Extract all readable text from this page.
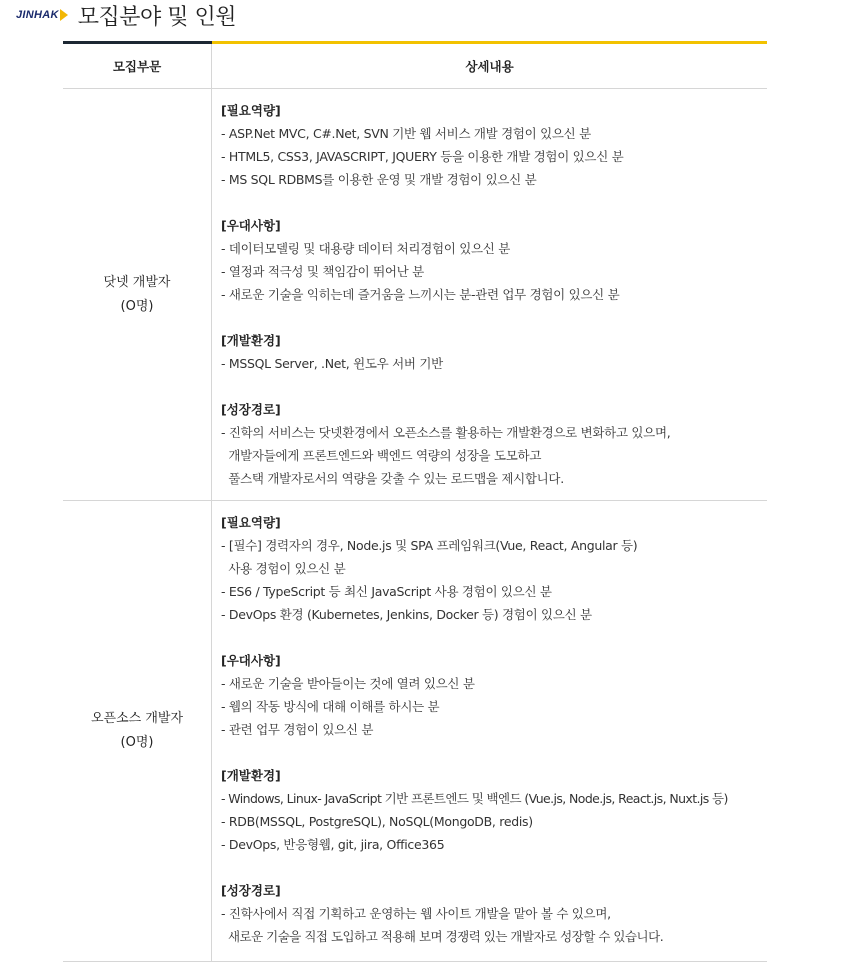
JINHAK 모집분야 및 인원
모집부문	상세내용
닷넷 개발자
(O명)
[필요역량]
- ASP.Net MVC, C#.Net, SVN 기반 웹 서비스 개발 경험이 있으신 분
- HTML5, CSS3, JAVASCRIPT, JQUERY 등을 이용한 개발 경험이 있으신 분
- MS SQL RDBMS를 이용한 운영 및 개발 경험이 있으신 분
[우대사항]
- 데이터모델링 및 대용량 데이터 처리경험이 있으신 분
- 열정과 적극성 및 책임감이 뛰어난 분
- 새로운 기술을 익히는데 즐거움을 느끼시는 분-관련 업무 경험이 있으신 분
[개발환경]
- MSSQL Server, .Net, 윈도우 서버 기반
[성장경로]
- 진학의 서비스는 닷넷환경에서 오픈소스를 활용하는 개발환경으로 변화하고 있으며,
개발자들에게 프론트엔드와 백엔드 역량의 성장을 도모하고
풀스택 개발자로서의 역량을 갖출 수 있는 로드맵을 제시합니다.
오픈소스 개발자
(O명)
[필요역량]
- [필수] 경력자의 경우, Node.js 및 SPA 프레임워크(Vue, React, Angular 등)
사용 경험이 있으신 분
- ES6 / TypeScript 등 최신 JavaScript 사용 경험이 있으신 분
- DevOps 환경 (Kubernetes, Jenkins, Docker 등) 경험이 있으신 분
[우대사항]
- 새로운 기술을 받아들이는 것에 열려 있으신 분
- 웹의 작동 방식에 대해 이해를 하시는 분
- 관련 업무 경험이 있으신 분
[개발환경]
- Windows, Linux- JavaScript 기반 프론트엔드 및 백엔드 (Vue.js, Node.js, React.js, Nuxt.js 등)
- RDB(MSSQL, PostgreSQL), NoSQL(MongoDB, redis)
- DevOps, 반응형웹, git, jira, Office365
[성장경로]
- 진학사에서 직접 기획하고 운영하는 웹 사이트 개발을 맡아 볼 수 있으며,
새로운 기술을 직접 도입하고 적용해 보며 경쟁력 있는 개발자로 성장할 수 있습니다.
